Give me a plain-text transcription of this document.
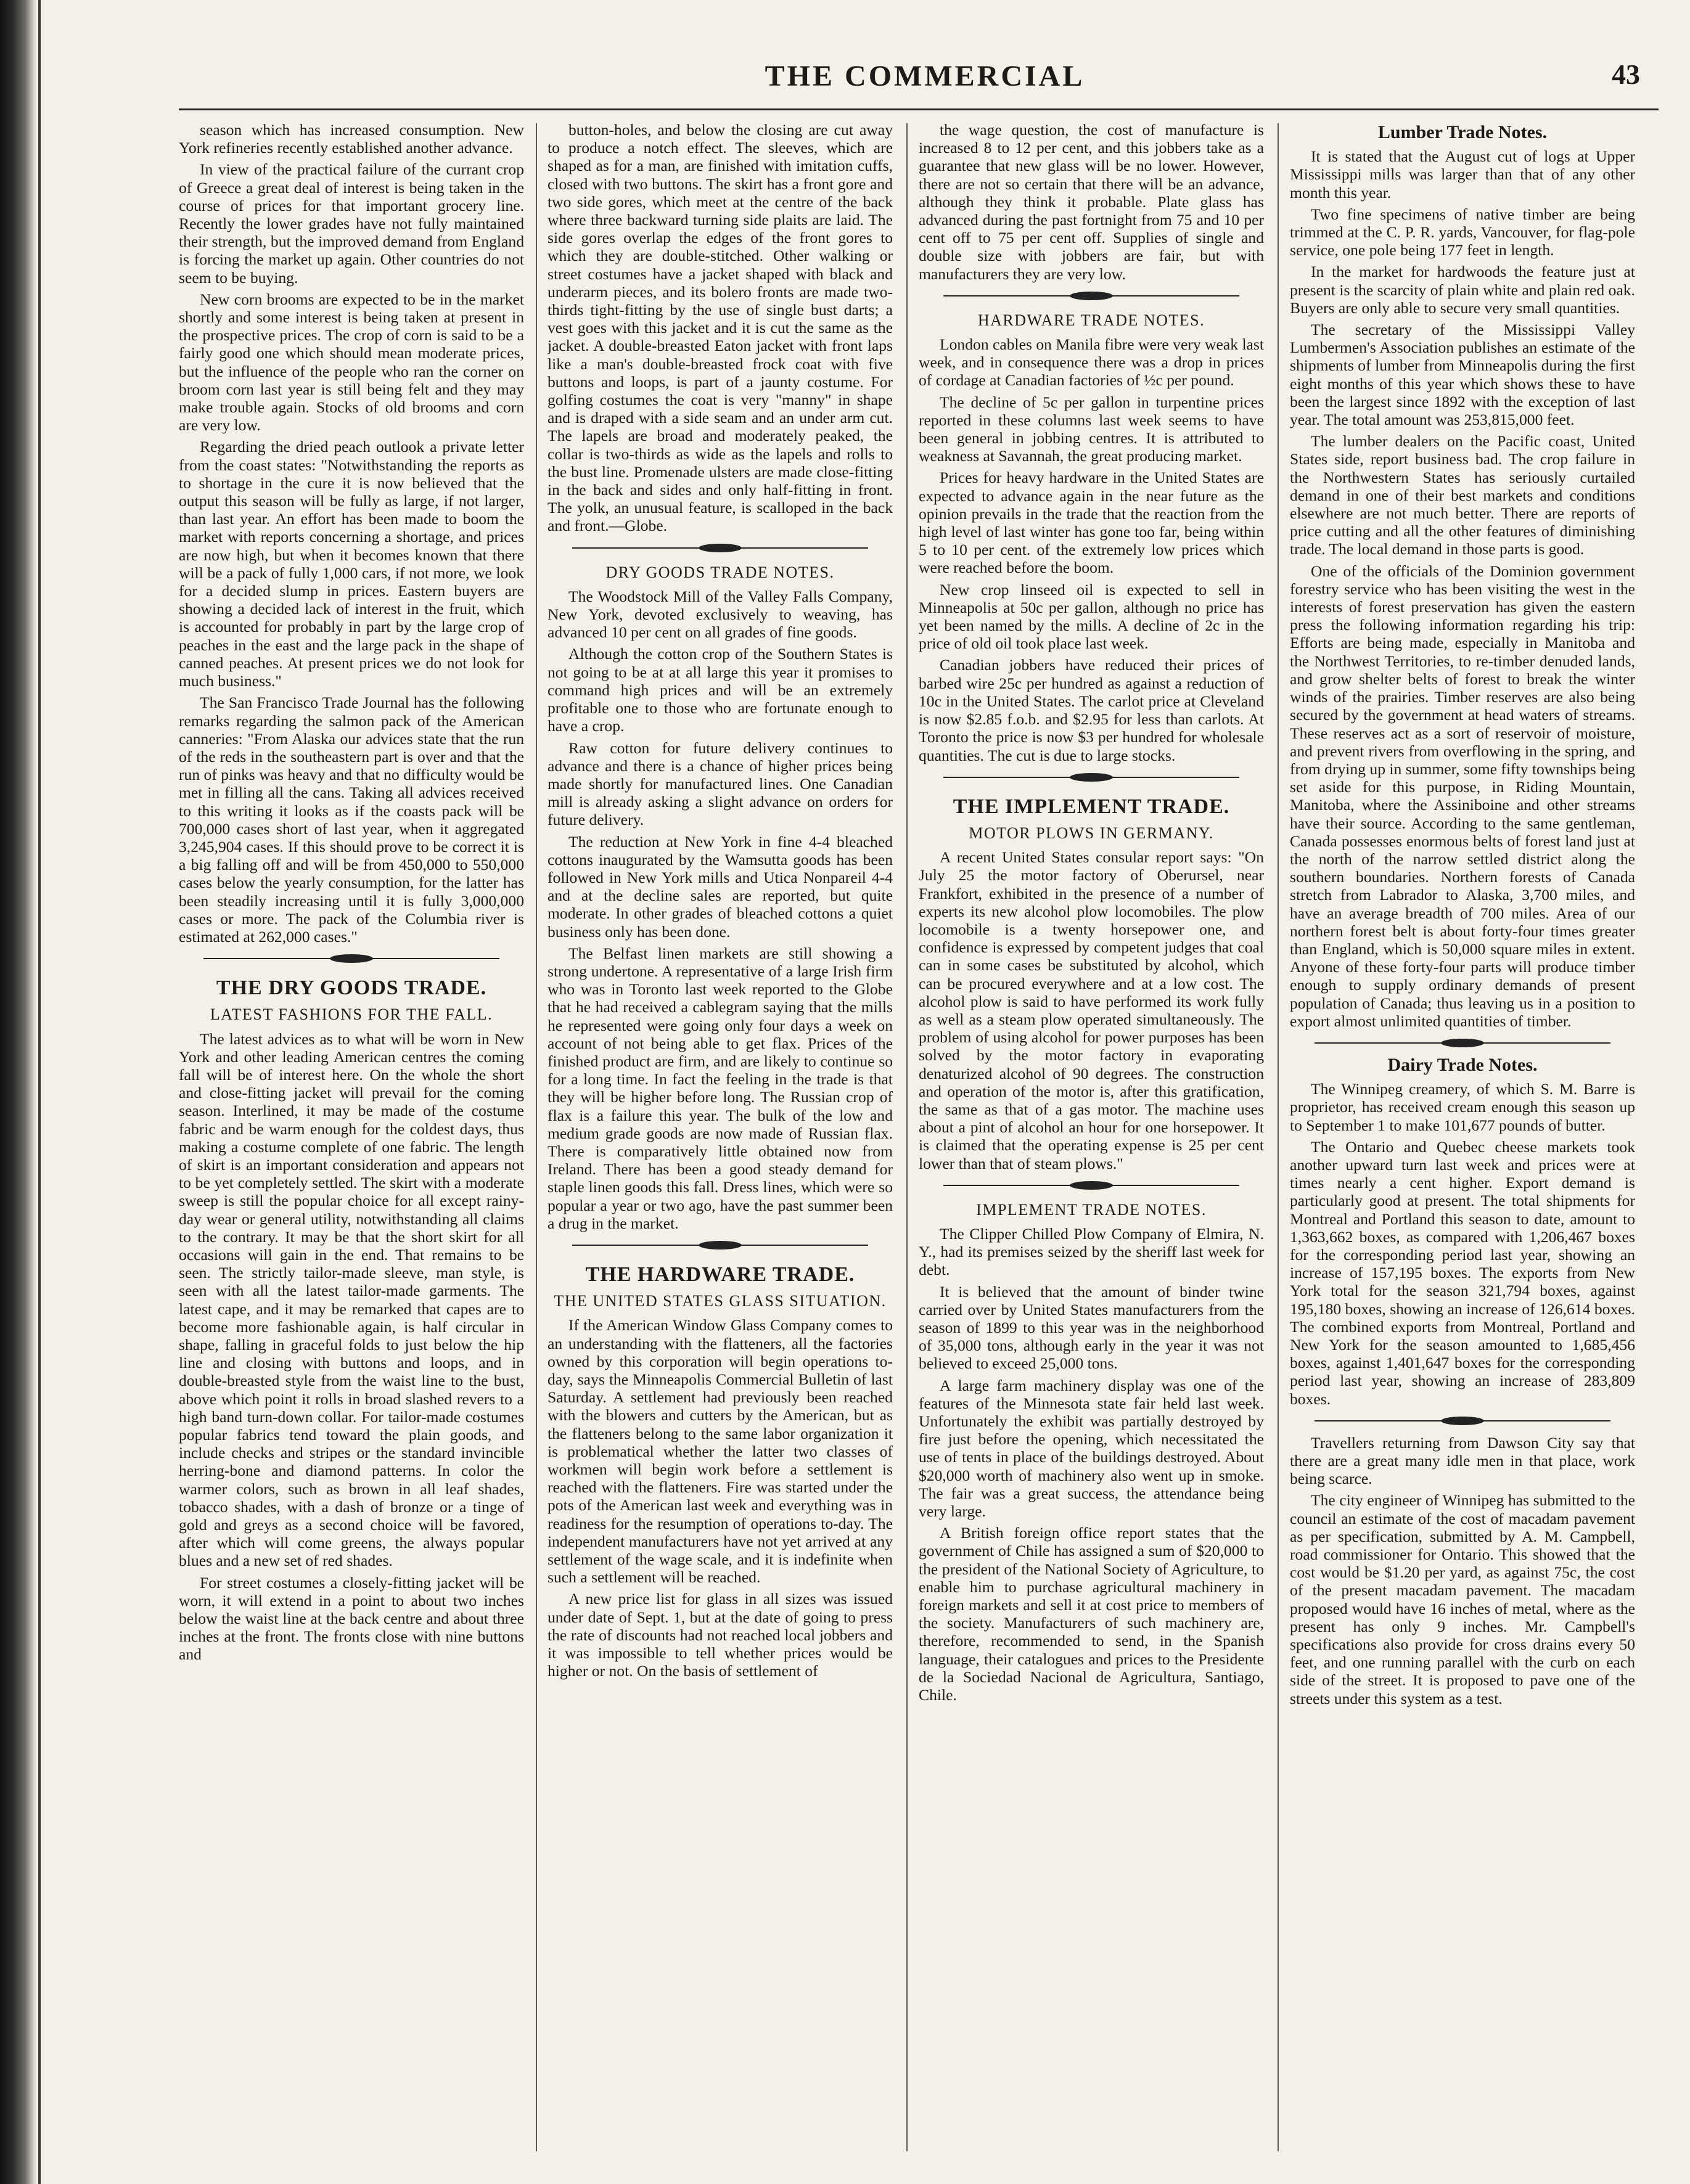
THE COMMERCIAL	43

season which has increased consumption. New York refineries recently established another advance.

In view of the practical failure of the currant crop of Greece a great deal of interest is being taken in the course of prices for that important grocery line. Recently the lower grades have not fully maintained their strength, but the improved demand from England is forcing the market up again. Other countries do not seem to be buying.

New corn brooms are expected to be in the market shortly and some interest is being taken at present in the prospective prices. The crop of corn is said to be a fairly good one which should mean moderate prices, but the influence of the people who ran the corner on broom corn last year is still being felt and they may make trouble again. Stocks of old brooms and corn are very low.

Regarding the dried peach outlook a private letter from the coast states: "Notwithstanding the reports as to shortage in the cure it is now believed that the output this season will be fully as large, if not larger, than last year. An effort has been made to boom the market with reports concerning a shortage, and prices are now high, but when it becomes known that there will be a pack of fully 1,000 cars, if not more, we look for a decided slump in prices. Eastern buyers are showing a decided lack of interest in the fruit, which is accounted for probably in part by the large crop of peaches in the east and the large pack in the shape of canned peaches. At present prices we do not look for much business."

The San Francisco Trade Journal has the following remarks regarding the salmon pack of the American canneries: "From Alaska our advices state that the run of the reds in the southeastern part is over and that the run of pinks was heavy and that no difficulty would be met in filling all the cans. Taking all advices received to this writing it looks as if the coasts pack will be 700,000 cases short of last year, when it aggregated 3,245,904 cases. If this should prove to be correct it is a big falling off and will be from 450,000 to 550,000 cases below the yearly consumption, for the latter has been steadily increasing until it is fully 3,000,000 cases or more. The pack of the Columbia river is estimated at 262,000 cases."

THE DRY GOODS TRADE.
LATEST FASHIONS FOR THE FALL.

The latest advices as to what will be worn in New York and other leading American centres the coming fall will be of interest here. On the whole the short and close-fitting jacket will prevail for the coming season. Interlined, it may be made of the costume fabric and be warm enough for the coldest days, thus making a costume complete of one fabric. The length of skirt is an important consideration and appears not to be yet completely settled. The skirt with a moderate sweep is still the popular choice for all except rainy-day wear or general utility, notwithstanding all claims to the contrary. It may be that the short skirt for all occasions will gain in the end. That remains to be seen. The strictly tailor-made sleeve, man style, is seen with all the latest tailor-made garments. The latest cape, and it may be remarked that capes are to become more fashionable again, is half circular in shape, falling in graceful folds to just below the hip line and closing with buttons and loops, and in double-breasted style from the waist line to the bust, above which point it rolls in broad slashed revers to a high band turn-down collar. For tailor-made costumes popular fabrics tend toward the plain goods, and include checks and stripes or the standard invincible herring-bone and diamond patterns. In color the warmer colors, such as brown in all leaf shades, tobacco shades, with a dash of bronze or a tinge of gold and greys as a second choice will be favored, after which will come greens, the always popular blues and a new set of red shades.

For street costumes a closely-fitting jacket will be worn, it will extend in a point to about two inches below the waist line at the back centre and about three inches at the front. The fronts close with nine buttons and

button-holes, and below the closing are cut away to produce a notch effect. The sleeves, which are shaped as for a man, are finished with imitation cuffs, closed with two buttons. The skirt has a front gore and two side gores, which meet at the centre of the back where three backward turning side plaits are laid. The side gores overlap the edges of the front gores to which they are double-stitched. Other walking or street costumes have a jacket shaped with black and underarm pieces, and its bolero fronts are made two-thirds tight-fitting by the use of single bust darts; a vest goes with this jacket and it is cut the same as the jacket. A double-breasted Eaton jacket with front laps like a man's double-breasted frock coat with five buttons and loops, is part of a jaunty costume. For golfing costumes the coat is very "manny" in shape and is draped with a side seam and an under arm cut. The lapels are broad and moderately peaked, the collar is two-thirds as wide as the lapels and rolls to the bust line. Promenade ulsters are made close-fitting in the back and sides and only half-fitting in front. The yolk, an unusual feature, is scalloped in the back and front.—Globe.

DRY GOODS TRADE NOTES.

The Woodstock Mill of the Valley Falls Company, New York, devoted exclusively to weaving, has advanced 10 per cent on all grades of fine goods.

Although the cotton crop of the Southern States is not going to be at at all large this year it promises to command high prices and will be an extremely profitable one to those who are fortunate enough to have a crop.

Raw cotton for future delivery continues to advance and there is a chance of higher prices being made shortly for manufactured lines. One Canadian mill is already asking a slight advance on orders for future delivery.

The reduction at New York in fine 4-4 bleached cottons inaugurated by the Wamsutta goods has been followed in New York mills and Utica Nonpareil 4-4 and at the decline sales are reported, but quite moderate. In other grades of bleached cottons a quiet business only has been done.

The Belfast linen markets are still showing a strong undertone. A representative of a large Irish firm who was in Toronto last week reported to the Globe that he had received a cablegram saying that the mills he represented were going only four days a week on account of not being able to get flax. Prices of the finished product are firm, and are likely to continue so for a long time. In fact the feeling in the trade is that they will be higher before long. The Russian crop of flax is a failure this year. The bulk of the low and medium grade goods are now made of Russian flax. There is comparatively little obtained now from Ireland. There has been a good steady demand for staple linen goods this fall. Dress lines, which were so popular a year or two ago, have the past summer been a drug in the market.

THE HARDWARE TRADE.
THE UNITED STATES GLASS SITUATION.

If the American Window Glass Company comes to an understanding with the flatteners, all the factories owned by this corporation will begin operations to-day, says the Minneapolis Commercial Bulletin of last Saturday. A settlement had previously been reached with the blowers and cutters by the American, but as the flatteners belong to the same labor organization it is problematical whether the latter two classes of workmen will begin work before a settlement is reached with the flatteners. Fire was started under the pots of the American last week and everything was in readiness for the resumption of operations to-day. The independent manufacturers have not yet arrived at any settlement of the wage scale, and it is indefinite when such a settlement will be reached.

A new price list for glass in all sizes was issued under date of Sept. 1, but at the date of going to press the rate of discounts had not reached local jobbers and it was impossible to tell whether prices would be higher or not. On the basis of settlement of

the wage question, the cost of manufacture is increased 8 to 12 per cent, and this jobbers take as a guarantee that new glass will be no lower. However, there are not so certain that there will be an advance, although they think it probable. Plate glass has advanced during the past fortnight from 75 and 10 per cent off to 75 per cent off. Supplies of single and double size with jobbers are fair, but with manufacturers they are very low.

HARDWARE TRADE NOTES.

London cables on Manila fibre were very weak last week, and in consequence there was a drop in prices of cordage at Canadian factories of ½c per pound.

The decline of 5c per gallon in turpentine prices reported in these columns last week seems to have been general in jobbing centres. It is attributed to weakness at Savannah, the great producing market.

Prices for heavy hardware in the United States are expected to advance again in the near future as the opinion prevails in the trade that the reaction from the high level of last winter has gone too far, being within 5 to 10 per cent. of the extremely low prices which were reached before the boom.

New crop linseed oil is expected to sell in Minneapolis at 50c per gallon, although no price has yet been named by the mills. A decline of 2c in the price of old oil took place last week.

Canadian jobbers have reduced their prices of barbed wire 25c per hundred as against a reduction of 10c in the United States. The carlot price at Cleveland is now $2.85 f.o.b. and $2.95 for less than carlots. At Toronto the price is now $3 per hundred for wholesale quantities. The cut is due to large stocks.

THE IMPLEMENT TRADE.
MOTOR PLOWS IN GERMANY.

A recent United States consular report says: "On July 25 the motor factory of Oberursel, near Frankfort, exhibited in the presence of a number of experts its new alcohol plow locomobiles. The plow locomobile is a twenty horsepower one, and confidence is expressed by competent judges that coal can in some cases be substituted by alcohol, which can be procured everywhere and at a low cost. The alcohol plow is said to have performed its work fully as well as a steam plow operated simultaneously. The problem of using alcohol for power purposes has been solved by the motor factory in evaporating denaturized alcohol of 90 degrees. The construction and operation of the motor is, after this gratification, the same as that of a gas motor. The machine uses about a pint of alcohol an hour for one horsepower. It is claimed that the operating expense is 25 per cent lower than that of steam plows."

IMPLEMENT TRADE NOTES.

The Clipper Chilled Plow Company of Elmira, N. Y., had its premises seized by the sheriff last week for debt.

It is believed that the amount of binder twine carried over by United States manufacturers from the season of 1899 to this year was in the neighborhood of 35,000 tons, although early in the year it was not believed to exceed 25,000 tons.

A large farm machinery display was one of the features of the Minnesota state fair held last week. Unfortunately the exhibit was partially destroyed by fire just before the opening, which necessitated the use of tents in place of the buildings destroyed. About $20,000 worth of machinery also went up in smoke. The fair was a great success, the attendance being very large.

A British foreign office report states that the government of Chile has assigned a sum of $20,000 to the president of the National Society of Agriculture, to enable him to purchase agricultural machinery in foreign markets and sell it at cost price to members of the society. Manufacturers of such machinery are, therefore, recommended to send, in the Spanish language, their catalogues and prices to the Presidente de la Sociedad Nacional de Agricultura, Santiago, Chile.

Lumber Trade Notes.

It is stated that the August cut of logs at Upper Mississippi mills was larger than that of any other month this year.

Two fine specimens of native timber are being trimmed at the C. P. R. yards, Vancouver, for flag-pole service, one pole being 177 feet in length.

In the market for hardwoods the feature just at present is the scarcity of plain white and plain red oak. Buyers are only able to secure very small quantities.

The secretary of the Mississippi Valley Lumbermen's Association publishes an estimate of the shipments of lumber from Minneapolis during the first eight months of this year which shows these to have been the largest since 1892 with the exception of last year. The total amount was 253,815,000 feet.

The lumber dealers on the Pacific coast, United States side, report business bad. The crop failure in the Northwestern States has seriously curtailed demand in one of their best markets and conditions elsewhere are not much better. There are reports of price cutting and all the other features of diminishing trade. The local demand in those parts is good.

One of the officials of the Dominion government forestry service who has been visiting the west in the interests of forest preservation has given the eastern press the following information regarding his trip: Efforts are being made, especially in Manitoba and the Northwest Territories, to re-timber denuded lands, and grow shelter belts of forest to break the winter winds of the prairies. Timber reserves are also being secured by the government at head waters of streams. These reserves act as a sort of reservoir of moisture, and prevent rivers from overflowing in the spring, and from drying up in summer, some fifty townships being set aside for this purpose, in Riding Mountain, Manitoba, where the Assiniboine and other streams have their source. According to the same gentleman, Canada possesses enormous belts of forest land just at the north of the narrow settled district along the southern boundaries. Northern forests of Canada stretch from Labrador to Alaska, 3,700 miles, and have an average breadth of 700 miles. Area of our northern forest belt is about forty-four times greater than England, which is 50,000 square miles in extent. Anyone of these forty-four parts will produce timber enough to supply ordinary demands of present population of Canada; thus leaving us in a position to export almost unlimited quantities of timber.

Dairy Trade Notes.

The Winnipeg creamery, of which S. M. Barre is proprietor, has received cream enough this season up to September 1 to make 101,677 pounds of butter.

The Ontario and Quebec cheese markets took another upward turn last week and prices were at times nearly a cent higher. Export demand is particularly good at present. The total shipments for Montreal and Portland this season to date, amount to 1,363,662 boxes, as compared with 1,206,467 boxes for the corresponding period last year, showing an increase of 157,195 boxes. The exports from New York total for the season 321,794 boxes, against 195,180 boxes, showing an increase of 126,614 boxes. The combined exports from Montreal, Portland and New York for the season amounted to 1,685,456 boxes, against 1,401,647 boxes for the corresponding period last year, showing an increase of 283,809 boxes.

Travellers returning from Dawson City say that there are a great many idle men in that place, work being scarce.

The city engineer of Winnipeg has submitted to the council an estimate of the cost of macadam pavement as per specification, submitted by A. M. Campbell, road commissioner for Ontario. This showed that the cost would be $1.20 per yard, as against 75c, the cost of the present macadam pavement. The macadam proposed would have 16 inches of metal, where as the present has only 9 inches. Mr. Campbell's specifications also provide for cross drains every 50 feet, and one running parallel with the curb on each side of the street. It is proposed to pave one of the streets under this system as a test.
